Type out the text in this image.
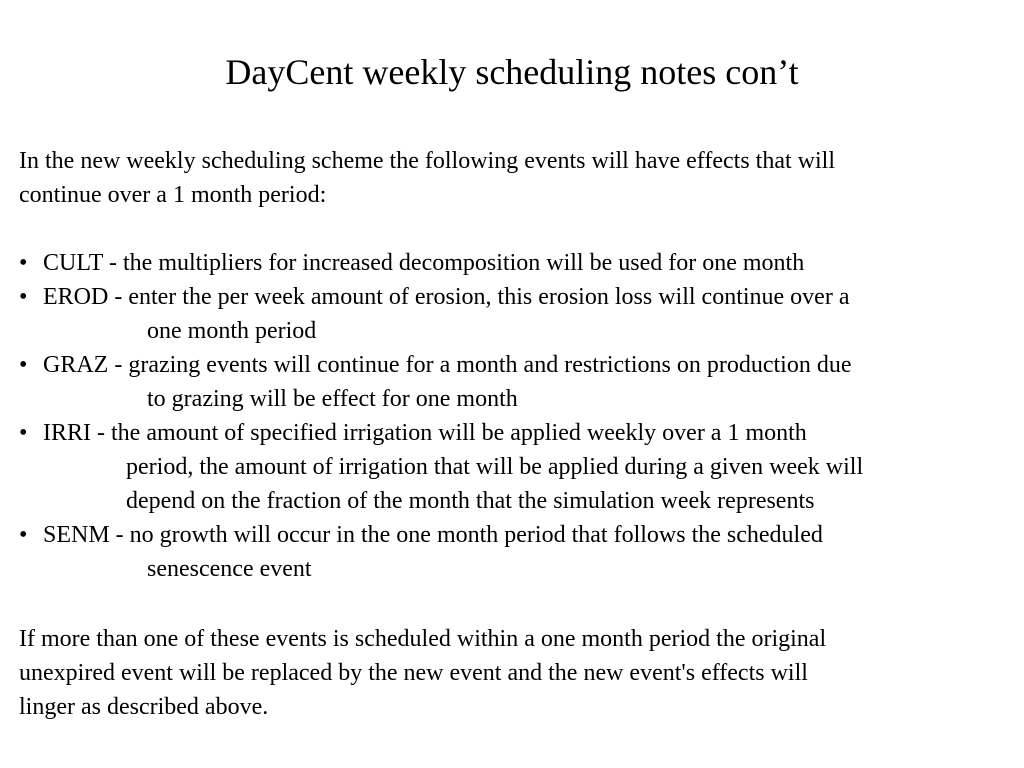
DayCent weekly scheduling notes con’t
In the new weekly scheduling scheme the following events will have effects that will
continue over a 1 month period:
• CULT - the multipliers for increased decomposition will be used for one month
• EROD - enter the per week amount of erosion, this erosion loss will continue over a
one month period
• GRAZ - grazing events will continue for a month and restrictions on production due
to grazing will be effect for one month
• IRRI - the amount of specified irrigation will be applied weekly over a 1 month
period, the amount of irrigation that will be applied during a given week will
depend on the fraction of the month that the simulation week represents
• SENM - no growth will occur in the one month period that follows the scheduled
senescence event
If more than one of these events is scheduled within a one month period the original
unexpired event will be replaced by the new event and the new event's effects will
linger as described above.
